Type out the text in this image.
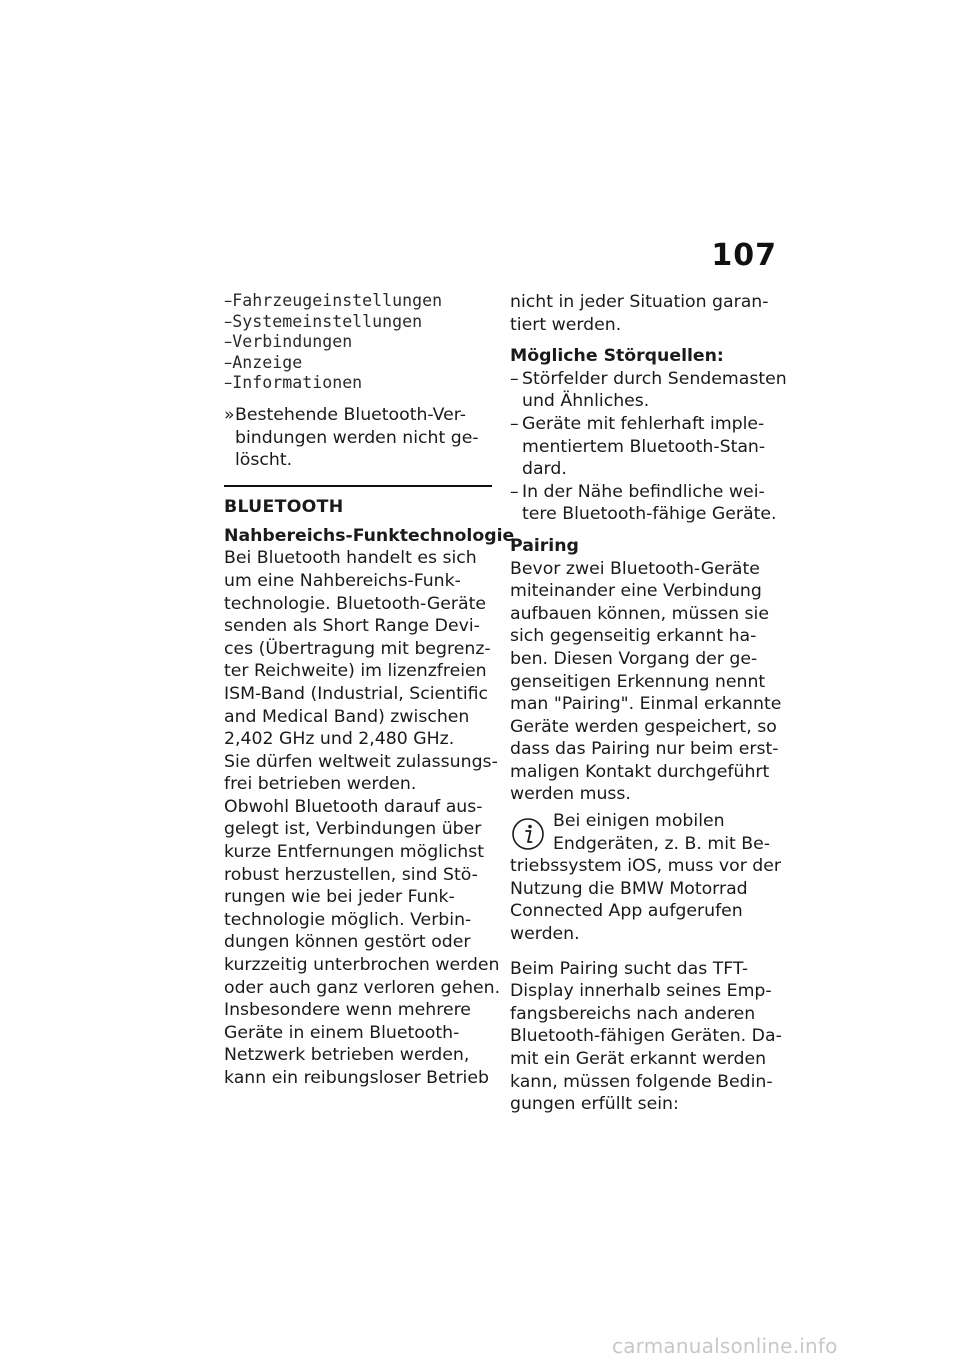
107
–Fahrzeugeinstellungen
–Systemeinstellungen
–Verbindungen
–Anzeige
–Informationen
» Bestehende Bluetooth-Ver-
bindungen werden nicht ge-
löscht.
BLUETOOTH
Nahbereichs-Funktechnologie
Bei Bluetooth handelt es sich
um eine Nahbereichs-Funk-
technologie. Bluetooth-Geräte
senden als Short Range Devi-
ces (Übertragung mit begrenz-
ter Reichweite) im lizenzfreien
ISM-Band (Industrial, Scientific
and Medical Band) zwischen
2,402 GHz und 2,480 GHz.
Sie dürfen weltweit zulassungs-
frei betrieben werden.
Obwohl Bluetooth darauf aus-
gelegt ist, Verbindungen über
kurze Entfernungen möglichst
robust herzustellen, sind Stö-
rungen wie bei jeder Funk-
technologie möglich. Verbin-
dungen können gestört oder
kurzzeitig unterbrochen werden
oder auch ganz verloren gehen.
Insbesondere wenn mehrere
Geräte in einem Bluetooth-
Netzwerk betrieben werden,
kann ein reibungsloser Betrieb
nicht in jeder Situation garan-
tiert werden.
Mögliche Störquellen:
– Störfelder durch Sendemasten
und Ähnliches.
– Geräte mit fehlerhaft imple-
mentiertem Bluetooth-Stan-
dard.
– In der Nähe befindliche wei-
tere Bluetooth-fähige Geräte.
Pairing
Bevor zwei Bluetooth-Geräte
miteinander eine Verbindung
aufbauen können, müssen sie
sich gegenseitig erkannt ha-
ben. Diesen Vorgang der ge-
genseitigen Erkennung nennt
man "Pairing". Einmal erkannte
Geräte werden gespeichert, so
dass das Pairing nur beim erst-
maligen Kontakt durchgeführt
werden muss.
Bei einigen mobilen
Endgeräten, z. B. mit Be-
triebssystem iOS, muss vor der
Nutzung die BMW Motorrad
Connected App aufgerufen
werden.
Beim Pairing sucht das TFT-
Display innerhalb seines Emp-
fangsbereichs nach anderen
Bluetooth-fähigen Geräten. Da-
mit ein Gerät erkannt werden
kann, müssen folgende Bedin-
gungen erfüllt sein:
carmanualsonline.info
